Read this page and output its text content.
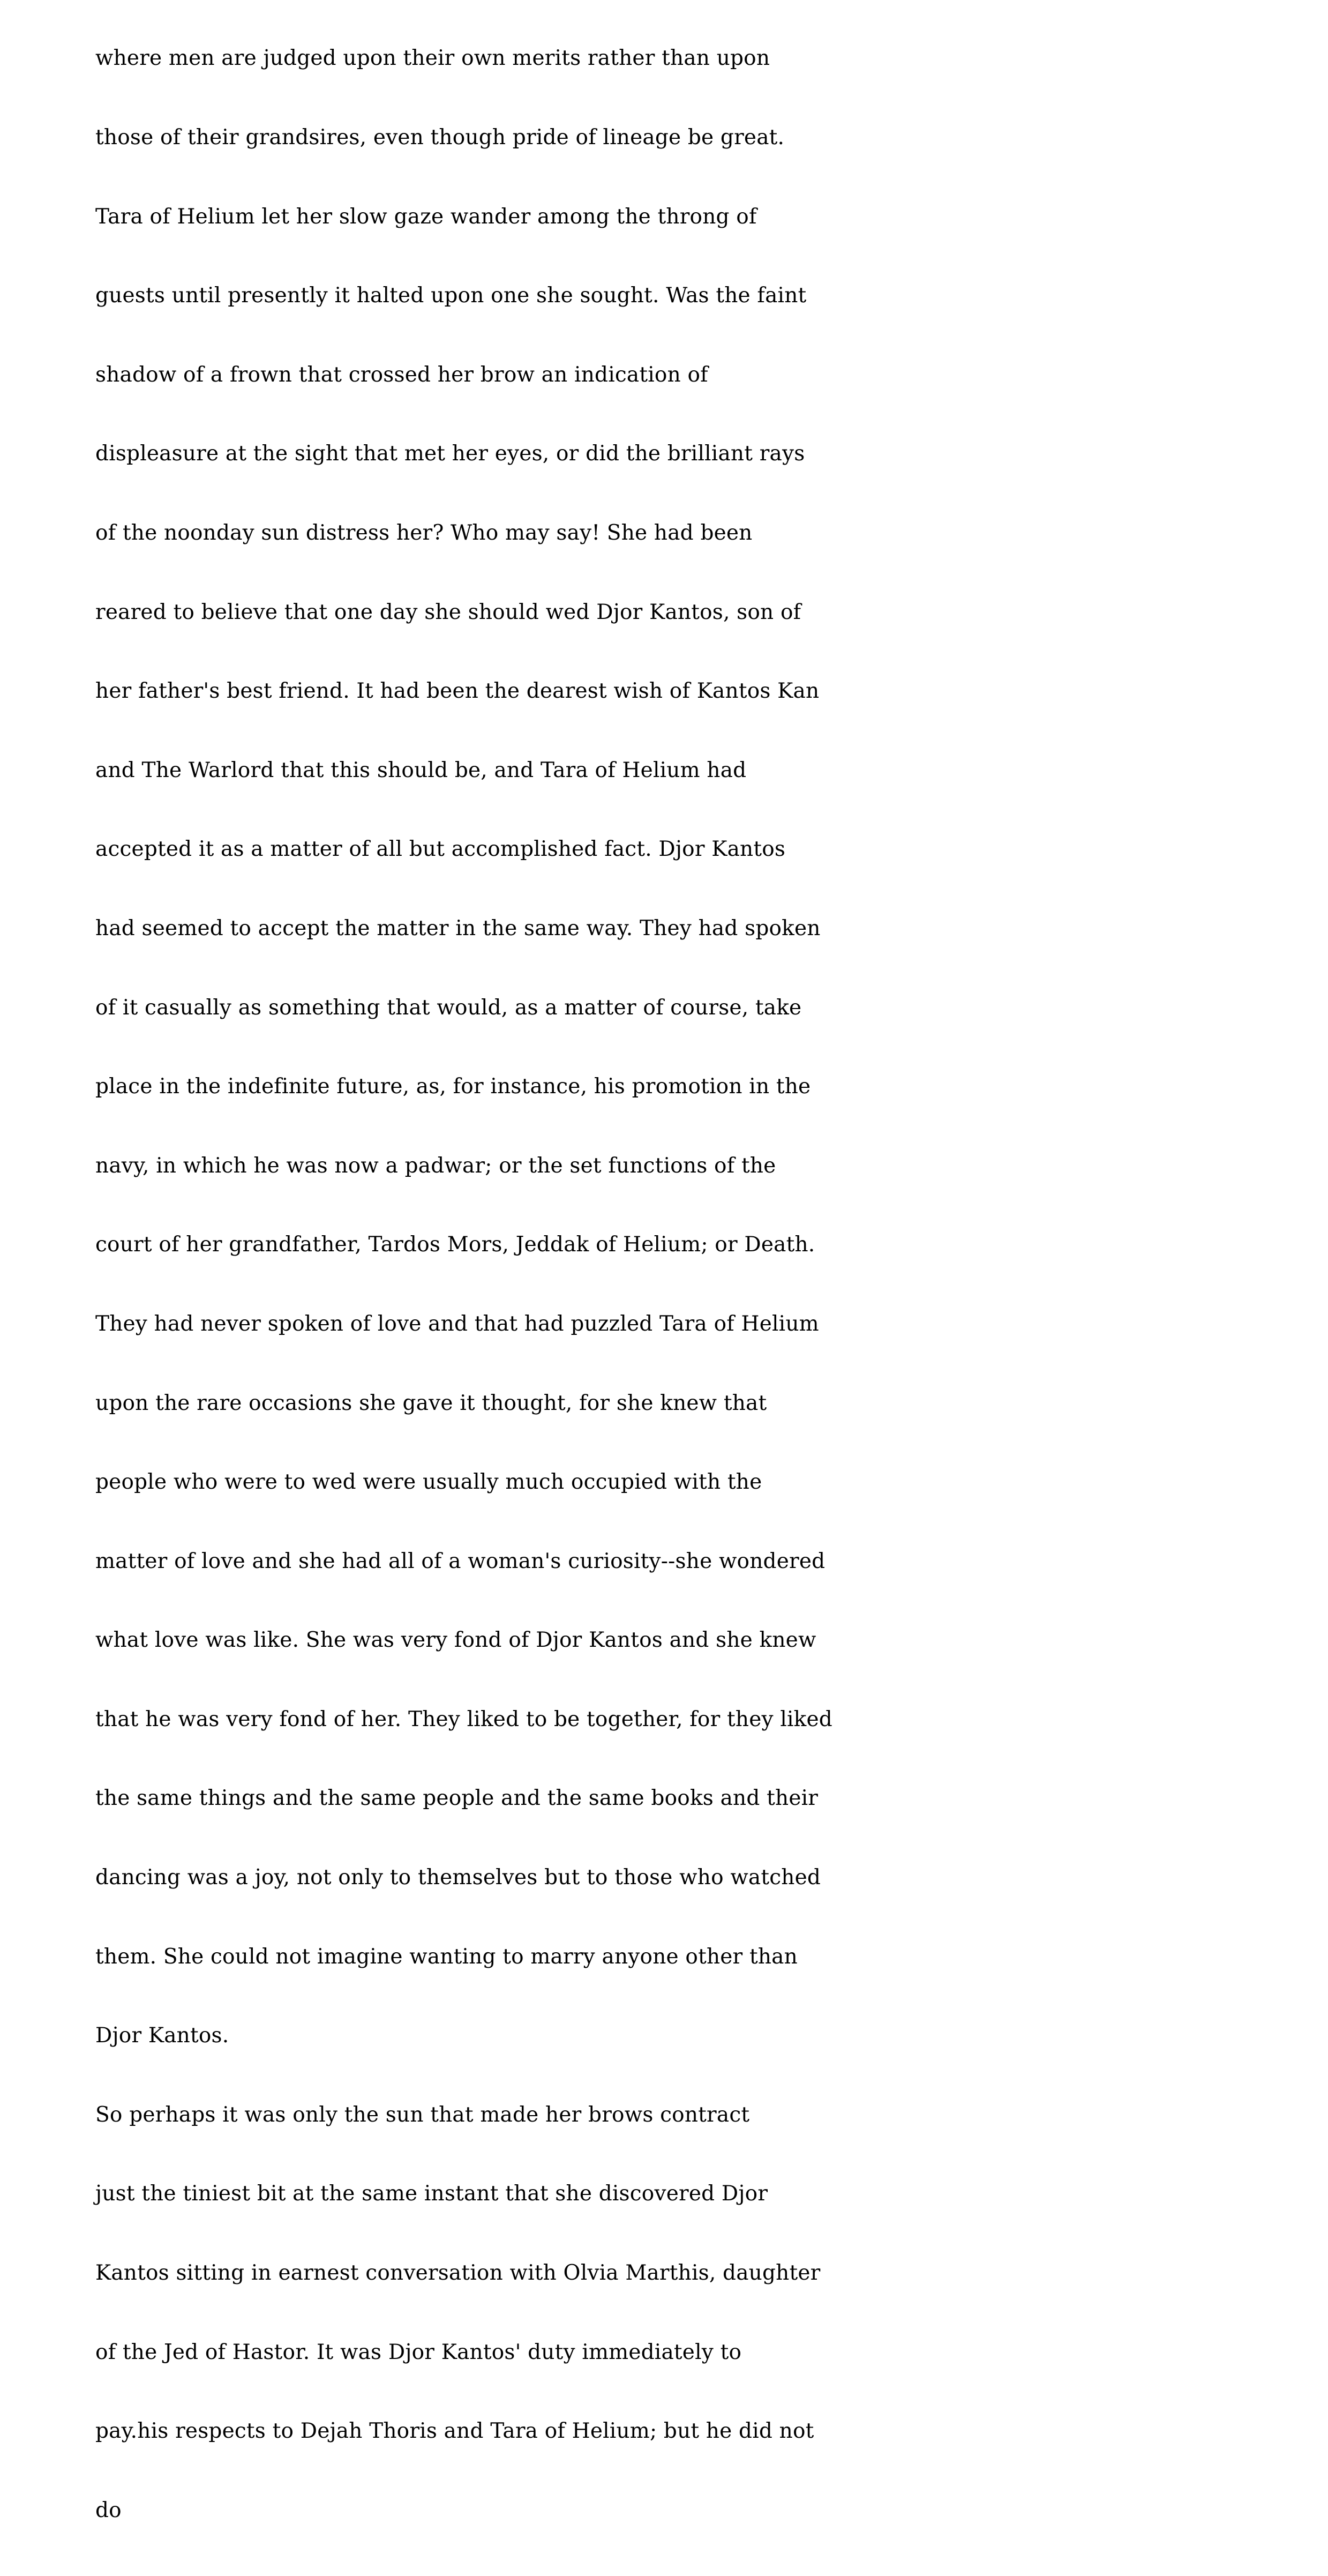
where men are judged upon their own merits rather than upon

those of their grandsires, even though pride of lineage be great.

Tara of Helium let her slow gaze wander among the throng of

guests until presently it halted upon one she sought. Was the faint

shadow of a frown that crossed her brow an indication of

displeasure at the sight that met her eyes, or did the brilliant rays

of the noonday sun distress her? Who may say! She had been

reared to believe that one day she should wed Djor Kantos, son of

her father's best friend. It had been the dearest wish of Kantos Kan

and The Warlord that this should be, and Tara of Helium had

accepted it as a matter of all but accomplished fact. Djor Kantos

had seemed to accept the matter in the same way. They had spoken

of it casually as something that would, as a matter of course, take

place in the indefinite future, as, for instance, his promotion in the

navy, in which he was now a padwar; or the set functions of the

court of her grandfather, Tardos Mors, Jeddak of Helium; or Death.

They had never spoken of love and that had puzzled Tara of Helium

upon the rare occasions she gave it thought, for she knew that

people who were to wed were usually much occupied with the

matter of love and she had all of a woman's curiosity--she wondered

what love was like. She was very fond of Djor Kantos and she knew

that he was very fond of her. They liked to be together, for they liked

the same things and the same people and the same books and their

dancing was a joy, not only to themselves but to those who watched

them. She could not imagine wanting to marry anyone other than

Djor Kantos.

So perhaps it was only the sun that made her brows contract

just the tiniest bit at the same instant that she discovered Djor

Kantos sitting in earnest conversation with Olvia Marthis, daughter

of the Jed of Hastor. It was Djor Kantos' duty immediately to

pay.his respects to Dejah Thoris and Tara of Helium; but he did not

do
